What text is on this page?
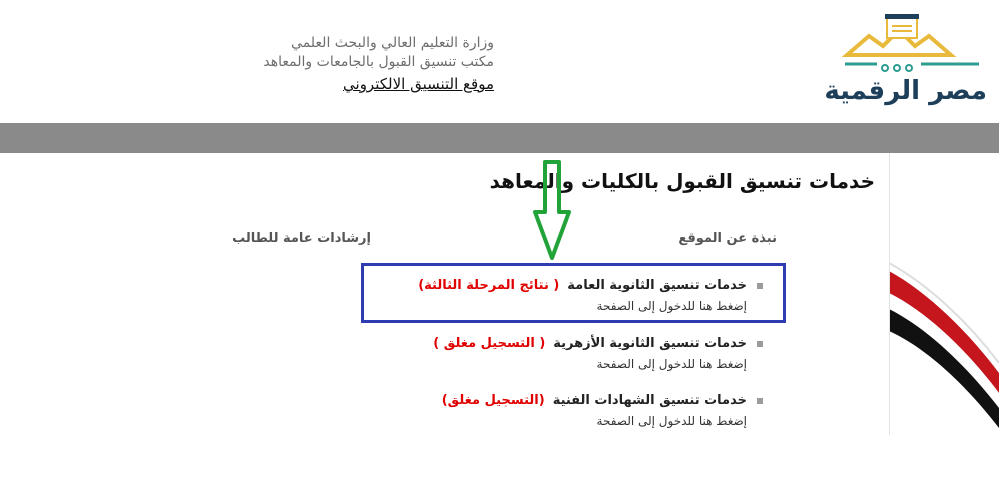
وزارة التعليم العالي والبحث العلمي
مكتب تنسيق القبول بالجامعات والمعاهد
موقع التنسيق الالكتروني	مصر الرقمية
خدمات تنسيق القبول بالكليات والمعاهد
نبذة عن الموقع
إرشادات عامة للطالب
خدمات تنسيق الثانوية العامة( نتائج المرحلة الثالثة)
إضغط هنا للدخول إلى الصفحة
خدمات تنسيق الثانوية الأزهرية( التسجيل مغلق )
إضغط هنا للدخول إلى الصفحة
خدمات تنسيق الشهادات الفنية(التسجيل مغلق)
إضغط هنا للدخول إلى الصفحة
